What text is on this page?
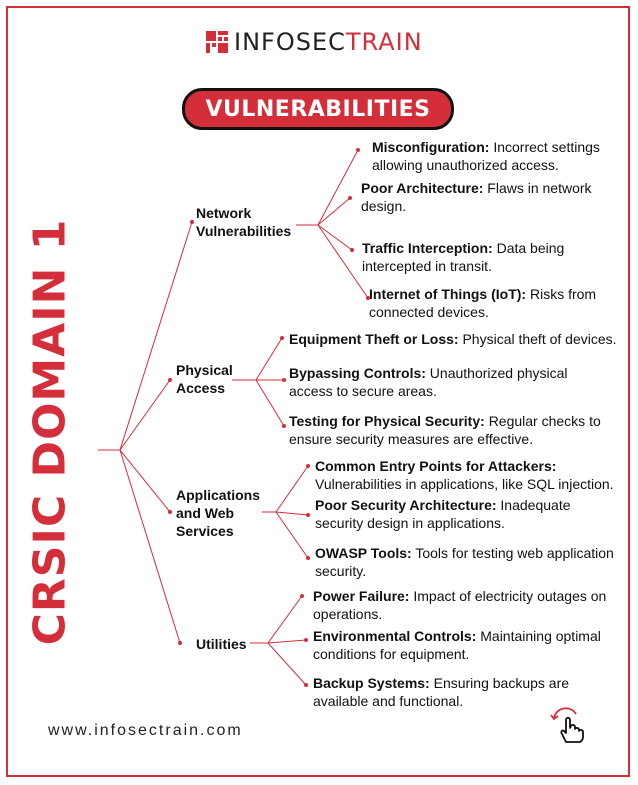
INFOSECTRAIN
VULNERABILITIES
CRSIC DOMAIN 1
Network Vulnerabilities
Physical Access
Applications and Web Services
Utilities
Misconfiguration: Incorrect settings allowing unauthorized access.
Poor Architecture: Flaws in network design.
Traffic Interception: Data being intercepted in transit.
Internet of Things (IoT): Risks from connected devices.
Equipment Theft or Loss: Physical theft of devices.
Bypassing Controls: Unauthorized physical access to secure areas.
Testing for Physical Security: Regular checks to ensure security measures are effective.
Common Entry Points for Attackers: Vulnerabilities in applications, like SQL injection.
Poor Security Architecture: Inadequate security design in applications.
OWASP Tools: Tools for testing web application security.
Power Failure: Impact of electricity outages on operations.
Environmental Controls: Maintaining optimal conditions for equipment.
Backup Systems: Ensuring backups are available and functional.
www.infosectrain.com
